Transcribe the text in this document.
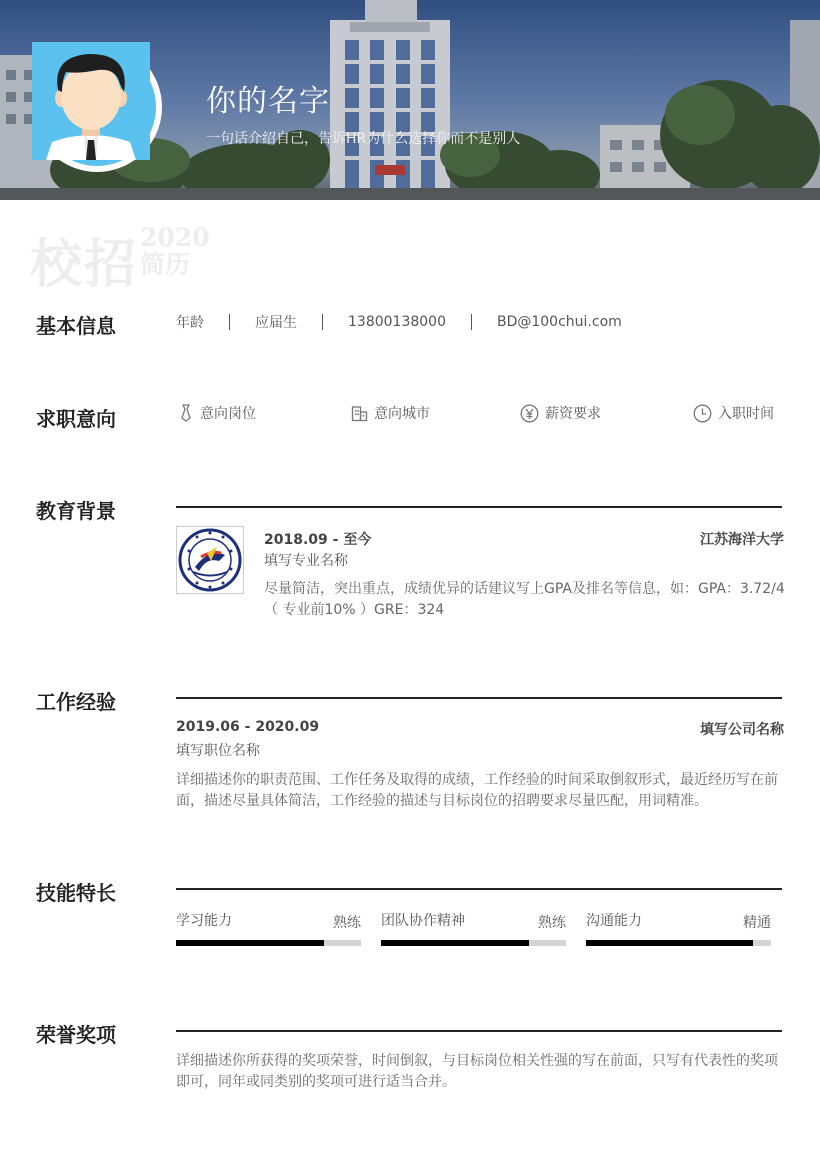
你的名字
一句话介绍自己，告诉HR为什么选择你而不是别人
校招 2020
简历
基本信息	年龄	应届生	13800138000	BD@100chui.com
求职意向	意向岗位	意向城市	薪资要求	入职时间
教育背景
2018.09 - 至今	江苏海洋大学
填写专业名称
尽量简洁，突出重点，成绩优异的话建议写上GPA及排名等信息，如：GPA：3.72/4（ 专业前10% ）GRE：324
工作经验
2019.06 - 2020.09	填写公司名称
填写职位名称
详细描述你的职责范围、工作任务及取得的成绩，工作经验的时间采取倒叙形式，最近经历写在前面，描述尽量具体简洁，工作经验的描述与目标岗位的招聘要求尽量匹配，用词精准。
技能特长
学习能力	熟练 团队协作精神	熟练 沟通能力	精通
荣誉奖项
详细描述你所获得的奖项荣誉，时间倒叙，与目标岗位相关性强的写在前面，只写有代表性的奖项即可，同年或同类别的奖项可进行适当合并。
